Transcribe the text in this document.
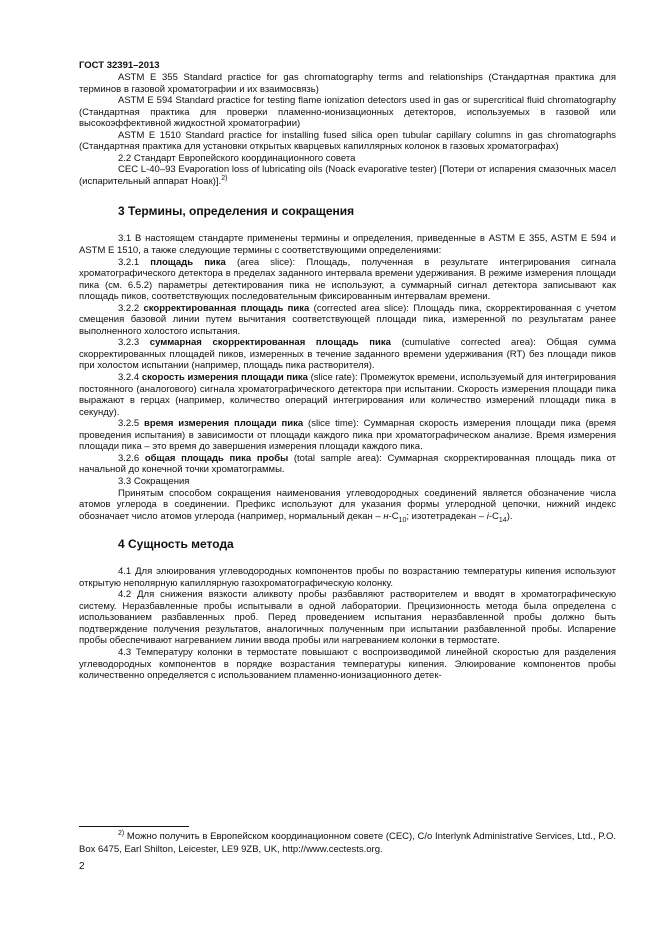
ГОСТ 32391–2013

ASTM E 355 Standard practice for gas chromatography terms and relationships (Стандартная практика для терминов в газовой хроматографии и их взаимосвязь)

ASTM E 594 Standard practice for testing flame ionization detectors used in gas or supercritical fluid chromatography (Стандартная практика для проверки пламенно-ионизационных детекторов, используемых в газовой или высокоэффективной жидкостной хроматографии)

ASTM E 1510 Standard practice for installing fused silica open tubular capillary columns in gas chromatographs (Стандартная практика для установки открытых кварцевых капиллярных колонок в газовых хроматографах)

2.2 Стандарт Европейского координационного совета

CEC L-40–93 Evaporation loss of lubricating oils (Noack evaporative tester) [Потери от испарения смазочных масел (испарительный аппарат Ноак)].$^{2)}$

3 Термины, определения и сокращения

3.1 В настоящем стандарте применены термины и определения, приведенные в ASTM E 355, ASTM E 594 и ASTM E 1510, а также следующие термины с соответствующими определениями:

3.2.1 площадь пика (area slice): Площадь, полученная в результате интегрирования сигнала хроматографического детектора в пределах заданного интервала времени удерживания. В режиме измерения площади пика (см. 6.5.2) параметры детектирования пика не используют, а суммарный сигнал детектора записывают как площадь пиков, соответствующих последовательным фиксированным интервалам времени.

3.2.2 скорректированная площадь пика (corrected area slice): Площадь пика, скорректированная с учетом смещения базовой линии путем вычитания соответствующей площади пика, измеренной по результатам ранее выполненного холостого испытания.

3.2.3 суммарная скорректированная площадь пика (cumulative corrected area): Общая сумма скорректированных площадей пиков, измеренных в течение заданного времени удерживания (RT) без площади пиков при холостом испытании (например, площадь пика растворителя).

3.2.4 скорость измерения площади пика (slice rate): Промежуток времени, используемый для интегрирования постоянного (аналогового) сигнала хроматографического детектора при испытании. Скорость измерения площади пика выражают в герцах (например, количество операций интегрирования или количество измерений площади пика в секунду).

3.2.5 время измерения площади пика (slice time): Суммарная скорость измерения площади пика (время проведения испытания) в зависимости от площади каждого пика при хроматографическом анализе. Время измерения площади пика – это время до завершения измерения площади каждого пика.

3.2.6 общая площадь пика пробы (total sample area): Суммарная скорректированная площадь пика от начальной до конечной точки хроматограммы.

3.3 Сокращения

Принятым способом сокращения наименования углеводородных соединений является обозначение числа атомов углерода в соединении. Префикс используют для указания формы углеродной цепочки, нижний индекс обозначает число атомов углерода (например, нормальный декан – $н-C_{10}$; изотетрадекан – $i-C_{14}$).

4 Сущность метода

4.1 Для элюирования углеводородных компонентов пробы по возрастанию температуры кипения используют открытую неполярную капиллярную газохроматографическую колонку.

4.2 Для снижения вязкости аликвоту пробы разбавляют растворителем и вводят в хроматографическую систему. Неразбавленные пробы испытывали в одной лаборатории. Прецизионность метода была определена с использованием разбавленных проб. Перед проведением испытания неразбавленной пробы должно быть подтверждение получения результатов, аналогичных полученным при испытании разбавленной пробы. Испарение пробы обеспечивают нагреванием линии ввода пробы или нагреванием колонки в термостате.

4.3 Температуру колонки в термостате повышают с воспроизводимой линейной скоростью для разделения углеводородных компонентов в порядке возрастания температуры кипения. Элюирование компонентов пробы количественно определяется с использованием пламенно-ионизационного детек-

$^{2)}$ Можно получить в Европейском координационном совете (CEC), C/o Interlynk Administrative Services, Ltd., P.O. Box 6475, Earl Shilton, Leicester, LE9 9ZB, UK, http://www.cectests.org.
2
